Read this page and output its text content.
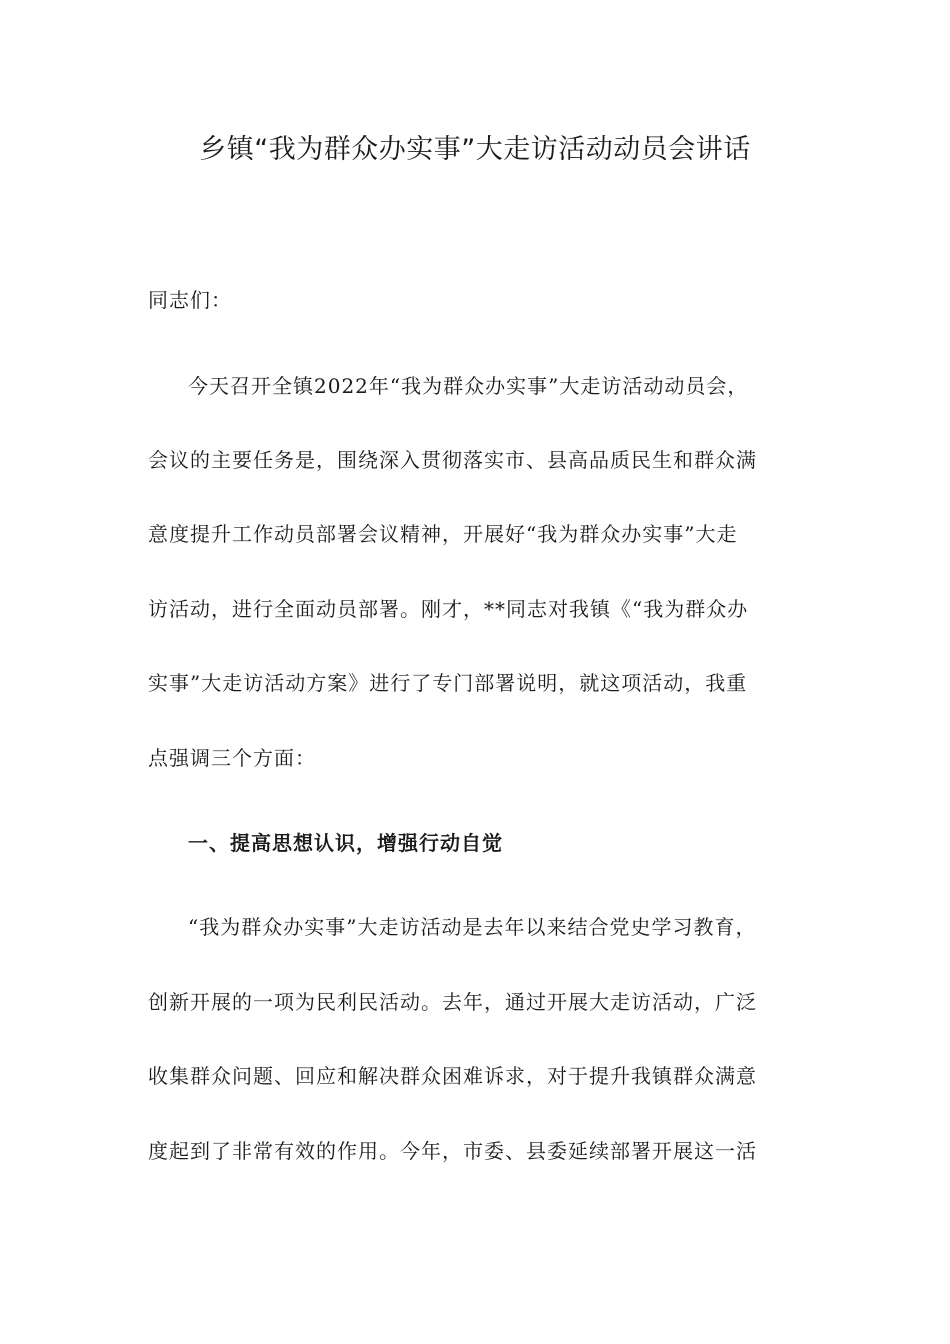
乡镇“我为群众办实事”大走访活动动员会讲话
同志们：
今天召开全镇2022年“我为群众办实事”大走访活动动员会，
会议的主要任务是，围绕深入贯彻落实市、县高品质民生和群众满
意度提升工作动员部署会议精神，开展好“我为群众办实事”大走
访活动，进行全面动员部署。刚才，**同志对我镇《“我为群众办
实事”大走访活动方案》进行了专门部署说明，就这项活动，我重
点强调三个方面：
一、提高思想认识，增强行动自觉
“我为群众办实事”大走访活动是去年以来结合党史学习教育，
创新开展的一项为民利民活动。去年，通过开展大走访活动，广泛
收集群众问题、回应和解决群众困难诉求，对于提升我镇群众满意
度起到了非常有效的作用。今年，市委、县委延续部署开展这一活
